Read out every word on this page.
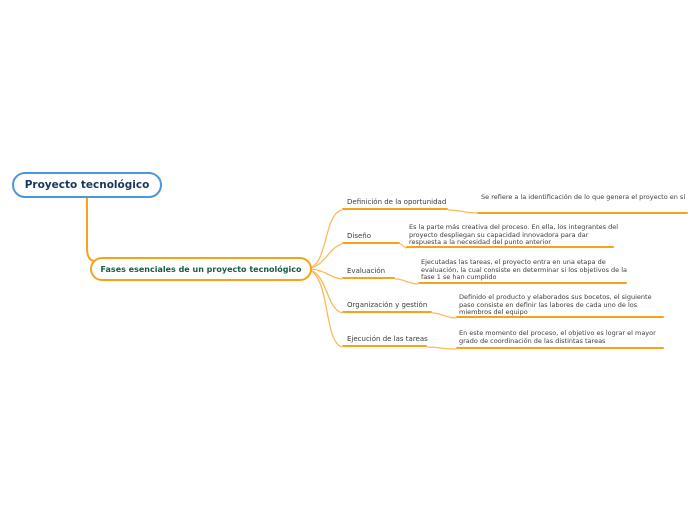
Proyecto tecnológico
Fases esenciales de un proyecto tecnológico
Definición de la oportunidad
Se refiere a la identificación de lo que genera el proyecto en sí
Diseño
Es la parte más creativa del proceso. En ella, los integrantes del proyecto despliegan su capacidad innovadora para dar respuesta a la necesidad del punto anterior
Evaluación
Ejecutadas las tareas, el proyecto entra en una etapa de evaluación, la cual consiste en determinar si los objetivos de la fase 1 se han cumplido
Organización y gestión
Definido el producto y elaborados sus bocetos, el siguiente paso consiste en definir las labores de cada uno de los miembros del equipo
Ejecución de las tareas
En este momento del proceso, el objetivo es lograr el mayor grado de coordinación de las distintas tareas
